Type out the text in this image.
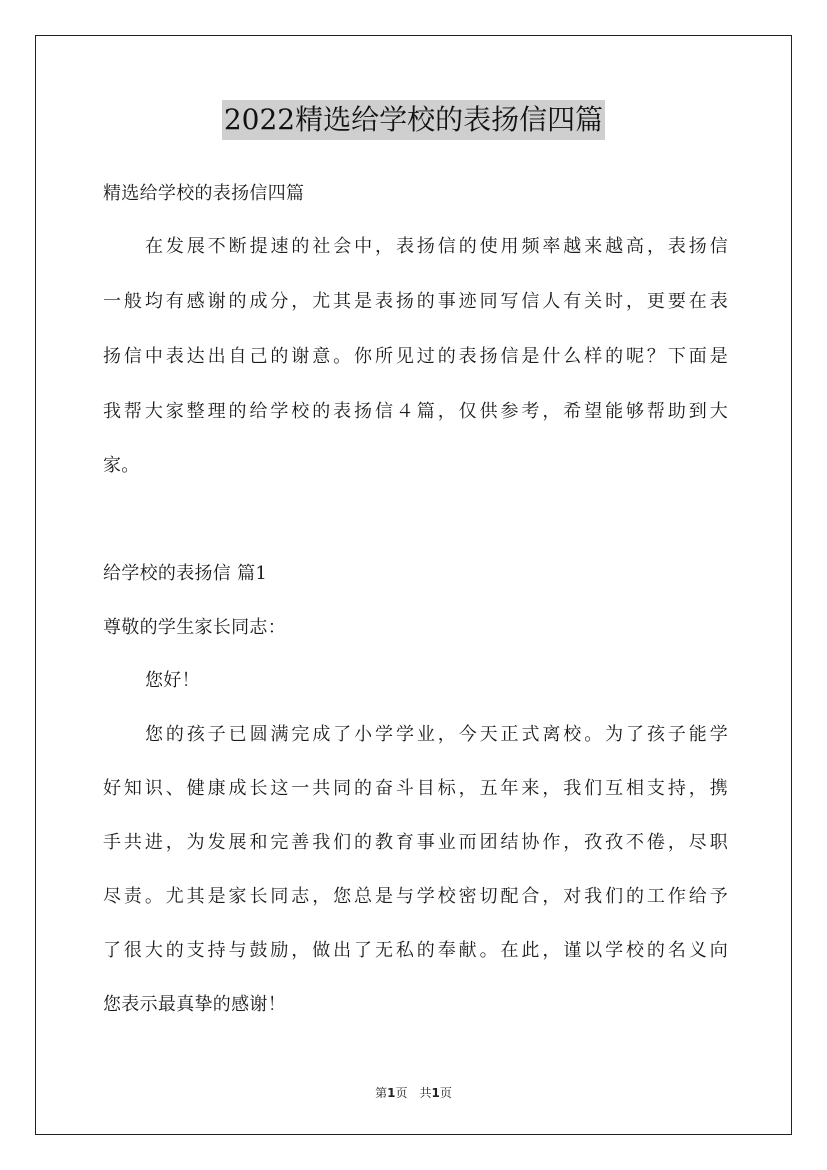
2022精选给学校的表扬信四篇
精选给学校的表扬信四篇
在发展不断提速的社会中，表扬信的使用频率越来越高，表扬信
一般均有感谢的成分，尤其是表扬的事迹同写信人有关时，更要在表
扬信中表达出自己的谢意。你所见过的表扬信是什么样的呢？下面是
我帮大家整理的给学校的表扬信４篇，仅供参考，希望能够帮助到大
家。
给学校的表扬信 篇1
尊敬的学生家长同志：
您好！
您的孩子已圆满完成了小学学业，今天正式离校。为了孩子能学
好知识、健康成长这一共同的奋斗目标，五年来，我们互相支持，携
手共进，为发展和完善我们的教育事业而团结协作，孜孜不倦，尽职
尽责。尤其是家长同志，您总是与学校密切配合，对我们的工作给予
了很大的支持与鼓励，做出了无私的奉献。在此，谨以学校的名义向
您表示最真挚的感谢！
第1页　共1页
